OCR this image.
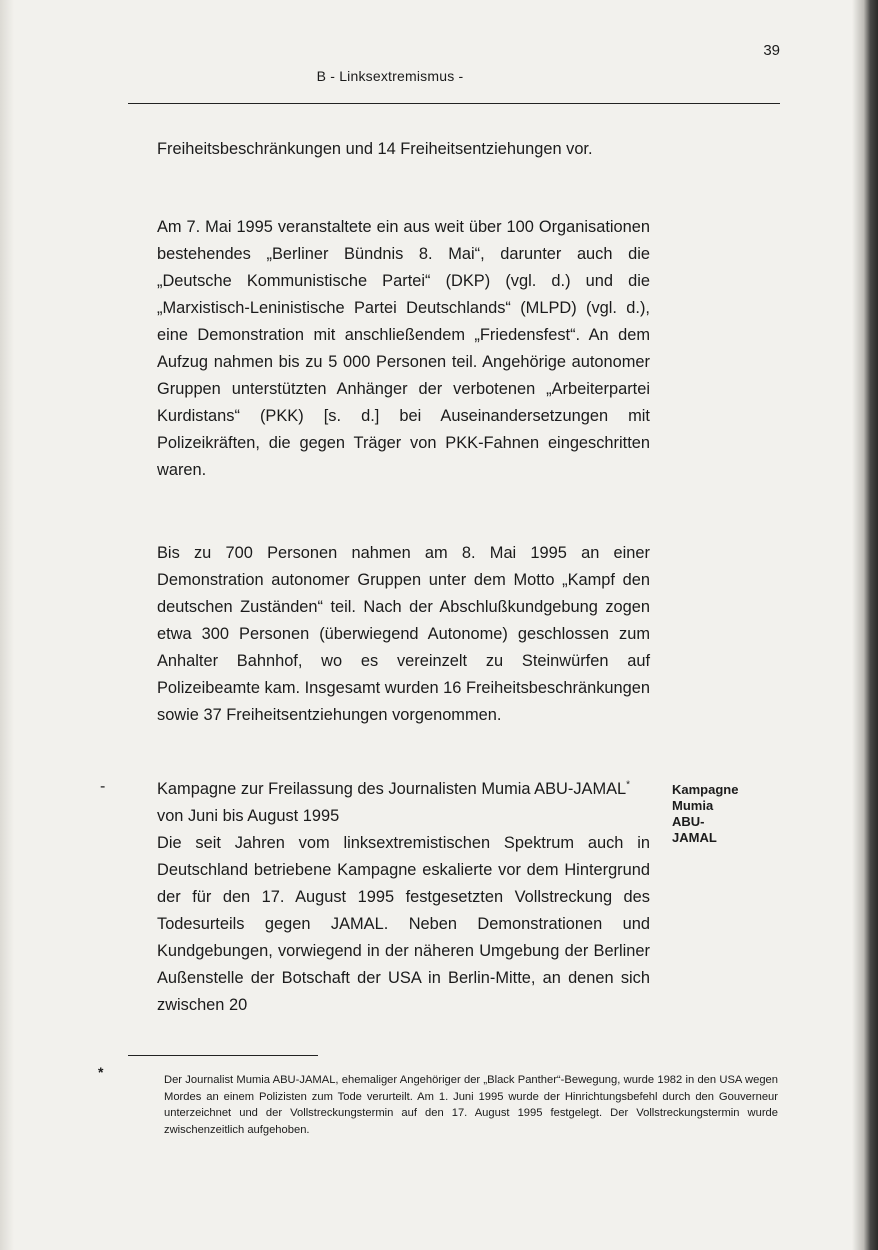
39
B - Linksextremismus -

Freiheitsbeschränkungen und 14 Freiheitsentziehungen vor.

Am 7. Mai 1995 veranstaltete ein aus weit über 100 Organisationen bestehendes „Berliner Bündnis 8. Mai“, darunter auch die „Deutsche Kommunistische Partei“ (DKP) (vgl. d.) und die „Marxistisch-Leninistische Partei Deutschlands“ (MLPD) (vgl. d.), eine Demonstration mit anschließendem „Friedensfest“. An dem Aufzug nahmen bis zu 5 000 Personen teil. Angehörige autonomer Gruppen unterstützten Anhänger der verbotenen „Arbeiterpartei Kurdistans“ (PKK) [s. d.] bei Auseinandersetzungen mit Polizeikräften, die gegen Träger von PKK-Fahnen eingeschritten waren.

Bis zu 700 Personen nahmen am 8. Mai 1995 an einer Demonstration autonomer Gruppen unter dem Motto „Kampf den deutschen Zuständen“ teil. Nach der Abschlußkundgebung zogen etwa 300 Personen (überwiegend Autonome) geschlossen zum Anhalter Bahnhof, wo es vereinzelt zu Steinwürfen auf Polizeibeamte kam. Insgesamt wurden 16 Freiheitsbeschränkungen sowie 37 Freiheitsentziehungen vorgenommen.

-	Kampagne zur Freilassung des Journalisten Mumia ABU-JAMAL* von Juni bis August 1995

Die seit Jahren vom linksextremistischen Spektrum auch in Deutschland betriebene Kampagne eskalierte vor dem Hintergrund der für den 17. August 1995 festgesetzten Vollstreckung des Todesurteils gegen JAMAL. Neben Demonstrationen und Kundgebungen, vorwiegend in der näheren Umgebung der Berliner Außenstelle der Botschaft der USA in Berlin-Mitte, an denen sich zwischen 20

Kampagne
Mumia
ABU-
JAMAL
*	Der Journalist Mumia ABU-JAMAL, ehemaliger Angehöriger der „Black Panther“-Bewegung, wurde 1982 in den USA wegen Mordes an einem Polizisten zum Tode verurteilt. Am 1. Juni 1995 wurde der Hinrichtungsbefehl durch den Gouverneur unterzeichnet und der Vollstreckungstermin auf den 17. August 1995 festgelegt. Der Vollstreckungstermin wurde zwischenzeitlich aufgehoben.
